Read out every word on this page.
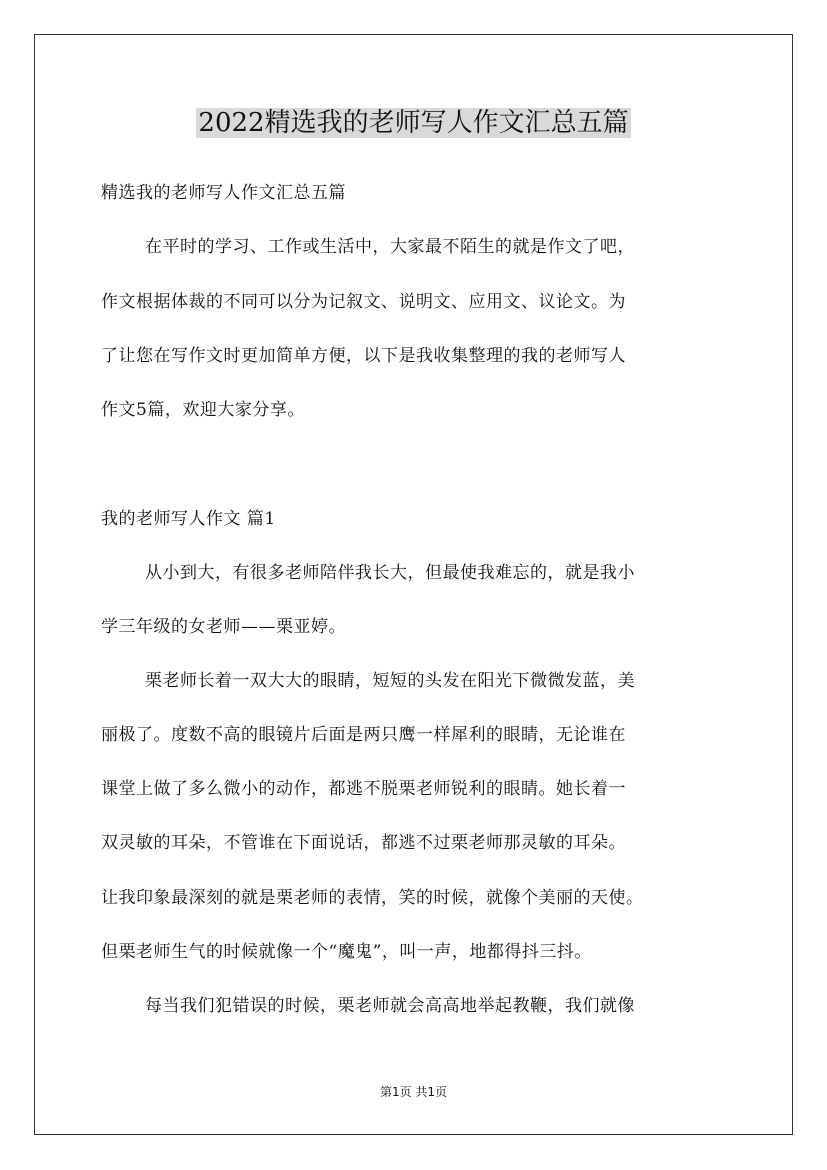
2022精选我的老师写人作文汇总五篇
精选我的老师写人作文汇总五篇
在平时的学习、工作或生活中，大家最不陌生的就是作文了吧，
作文根据体裁的不同可以分为记叙文、说明文、应用文、议论文。为
了让您在写作文时更加简单方便，以下是我收集整理的我的老师写人
作文5篇，欢迎大家分享。
我的老师写人作文 篇1
从小到大，有很多老师陪伴我长大，但最使我难忘的，就是我小
学三年级的女老师——栗亚婷。
栗老师长着一双大大的眼睛，短短的头发在阳光下微微发蓝，美
丽极了。度数不高的眼镜片后面是两只鹰一样犀利的眼睛，无论谁在
课堂上做了多么微小的动作，都逃不脱栗老师锐利的眼睛。她长着一
双灵敏的耳朵，不管谁在下面说话，都逃不过栗老师那灵敏的耳朵。
让我印象最深刻的就是栗老师的表情，笑的时候，就像个美丽的天使。
但栗老师生气的时候就像一个“魔鬼”，叫一声，地都得抖三抖。
每当我们犯错误的时候，栗老师就会高高地举起教鞭，我们就像
第1页 共1页
